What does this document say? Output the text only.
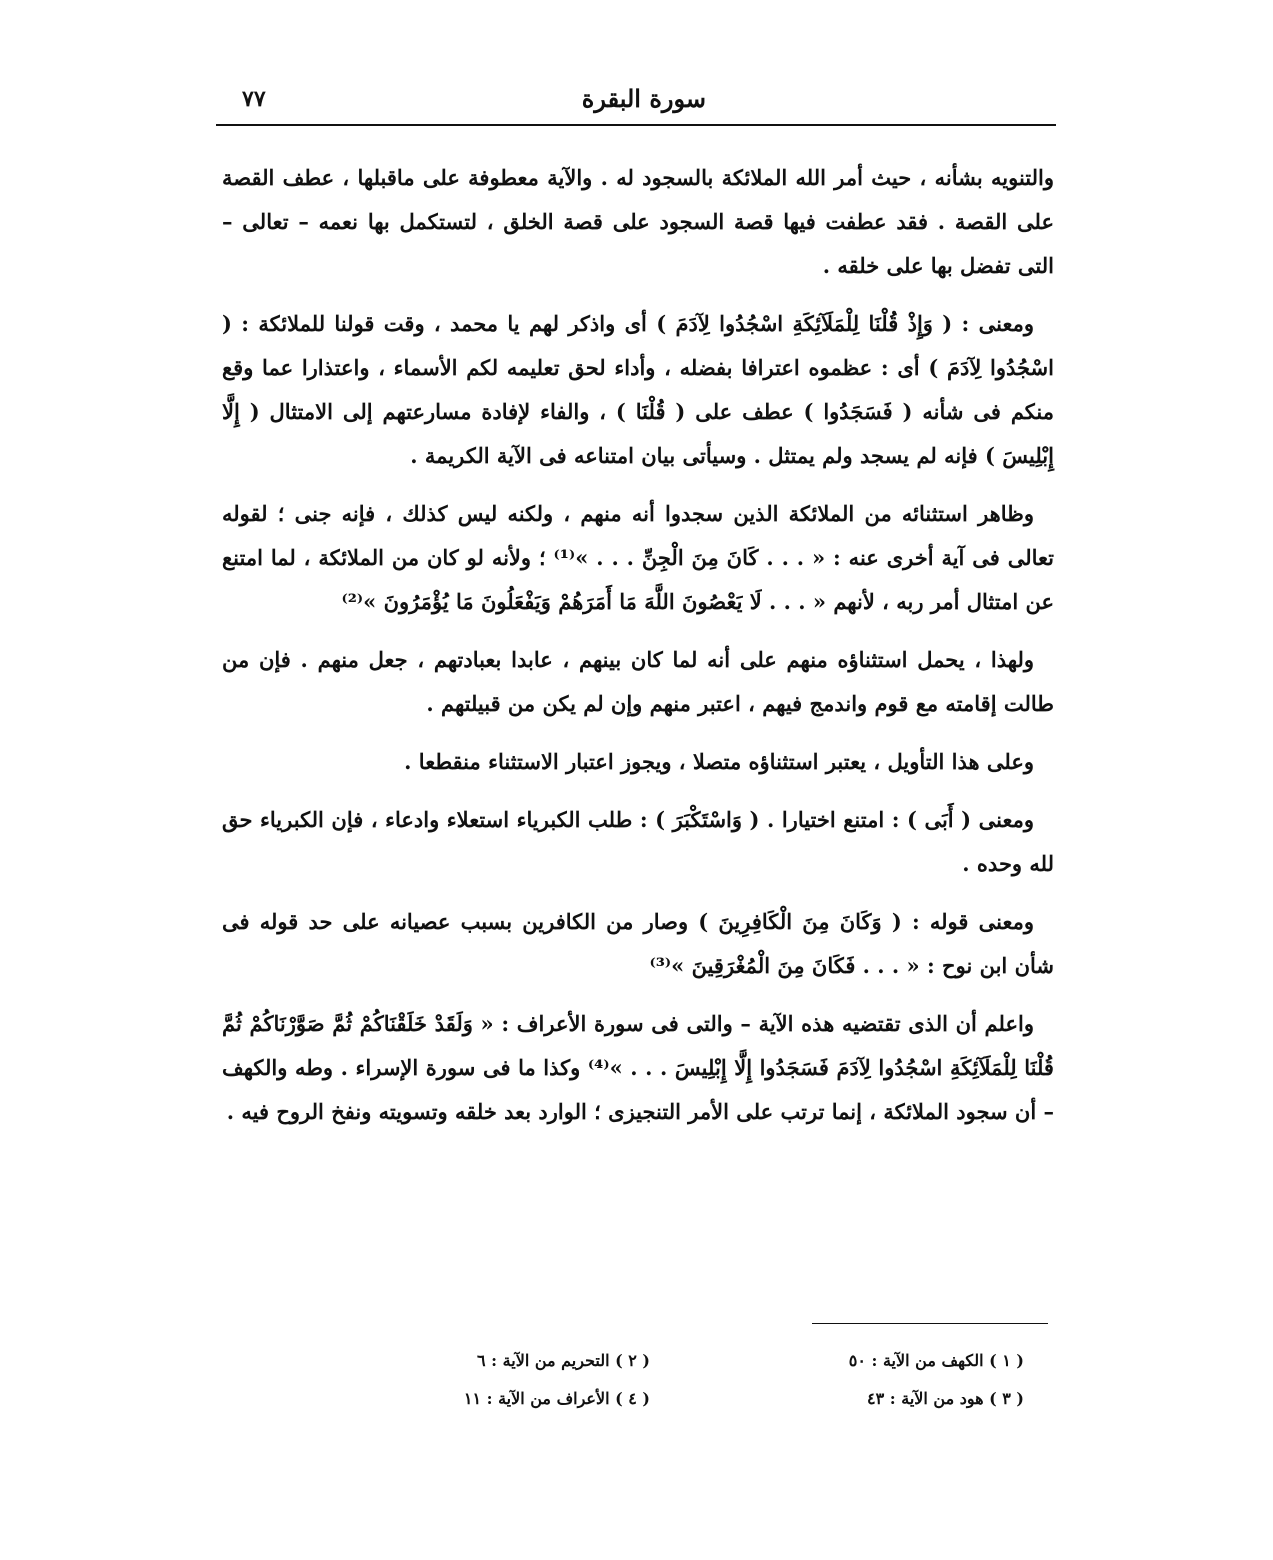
سورة البقرة
٧٧

والتنويه بشأنه ، حيث أمر الله الملائكة بالسجود له . والآية معطوفة على ماقبلها ، عطف القصة على القصة . فقد عطفت فيها قصة السجود على قصة الخلق ، لتستكمل بها نعمه – تعالى – التى تفضل بها على خلقه .

ومعنى : ( وَإِذْ قُلْنَا لِلْمَلَآئِكَةِ اسْجُدُوا لِآدَمَ ) أى واذكر لهم يا محمد ، وقت قولنا للملائكة : ( اسْجُدُوا لِآدَمَ ) أى : عظموه اعترافا بفضله ، وأداء لحق تعليمه لكم الأسماء ، واعتذارا عما وقع منكم فى شأنه ( فَسَجَدُوا ) عطف على ( قُلْنَا ) ، والفاء لإفادة مسارعتهم إلى الامتثال ( إِلَّا إِبْلِيسَ ) فإنه لم يسجد ولم يمتثل . وسيأتى بيان امتناعه فى الآية الكريمة .

وظاهر استثنائه من الملائكة الذين سجدوا أنه منهم ، ولكنه ليس كذلك ، فإنه جنى ؛ لقوله تعالى فى آية أخرى عنه : « . . . كَانَ مِنَ الْجِنِّ . . . »⁽¹⁾ ؛ ولأنه لو كان من الملائكة ، لما امتنع عن امتثال أمر ربه ، لأنهم « . . . لَا يَعْصُونَ اللَّهَ مَا أَمَرَهُمْ وَيَفْعَلُونَ مَا يُؤْمَرُونَ »⁽²⁾

ولهذا ، يحمل استثناؤه منهم على أنه لما كان بينهم ، عابدا بعبادتهم ، جعل منهم . فإن من طالت إقامته مع قوم واندمج فيهم ، اعتبر منهم وإن لم يكن من قبيلتهم .

وعلى هذا التأويل ، يعتبر استثناؤه متصلا ، ويجوز اعتبار الاستثناء منقطعا .

ومعنى ( أَبَى ) : امتنع اختيارا . ( وَاسْتَكْبَرَ ) : طلب الكبرياء استعلاء وادعاء ، فإن الكبرياء حق لله وحده .

ومعنى قوله : ( وَكَانَ مِنَ الْكَافِرِينَ ) وصار من الكافرين بسبب عصيانه على حد قوله فى شأن ابن نوح : « . . . فَكَانَ مِنَ الْمُغْرَقِينَ »⁽³⁾

واعلم أن الذى تقتضيه هذه الآية – والتى فى سورة الأعراف : « وَلَقَدْ خَلَقْنَاكُمْ ثُمَّ صَوَّرْنَاكُمْ ثُمَّ قُلْنَا لِلْمَلَآئِكَةِ اسْجُدُوا لِآدَمَ فَسَجَدُوا إِلَّا إِبْلِيسَ . . . »⁽⁴⁾ وكذا ما فى سورة الإسراء . وطه والكهف – أن سجود الملائكة ، إنما ترتب على الأمر التنجيزى ؛ الوارد بعد خلقه وتسويته ونفخ الروح فيه .

( ١ ) الكهف من الآية : ٥٠
( ٢ ) التحريم من الآية : ٦
( ٣ ) هود من الآية : ٤٣
( ٤ ) الأعراف من الآية : ١١
